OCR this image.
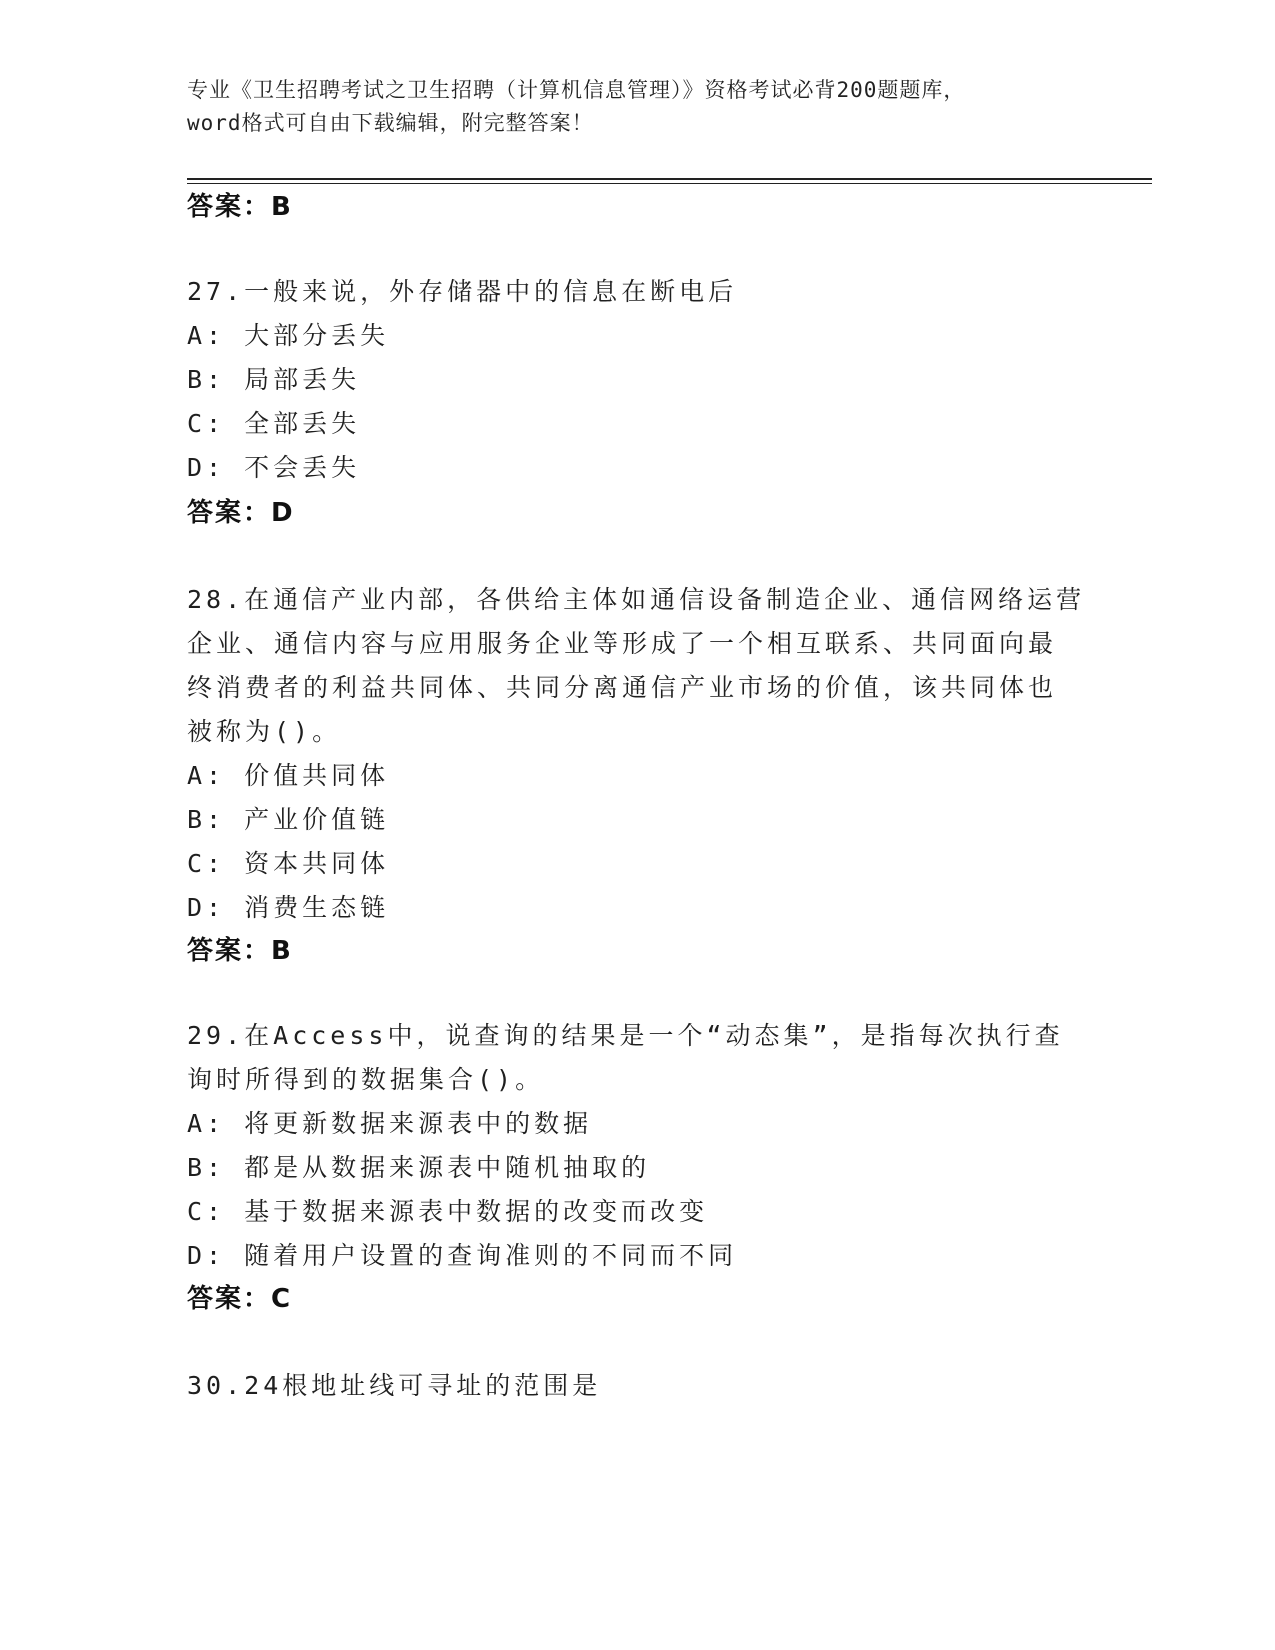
专业《卫生招聘考试之卫生招聘（计算机信息管理）》资格考试必背200题题库，
word格式可自由下载编辑，附完整答案！
答案：B
27.一般来说，外存储器中的信息在断电后
A: 大部分丢失
B: 局部丢失
C: 全部丢失
D: 不会丢失
答案：D
28.在通信产业内部，各供给主体如通信设备制造企业、通信网络运营
企业、通信内容与应用服务企业等形成了一个相互联系、共同面向最
终消费者的利益共同体、共同分离通信产业市场的价值，该共同体也
被称为()。
A: 价值共同体
B: 产业价值链
C: 资本共同体
D: 消费生态链
答案：B
29.在Access中，说查询的结果是一个“动态集”，是指每次执行查
询时所得到的数据集合()。
A: 将更新数据来源表中的数据
B: 都是从数据来源表中随机抽取的
C: 基于数据来源表中数据的改变而改变
D: 随着用户设置的查询准则的不同而不同
答案：C
30.24根地址线可寻址的范围是
